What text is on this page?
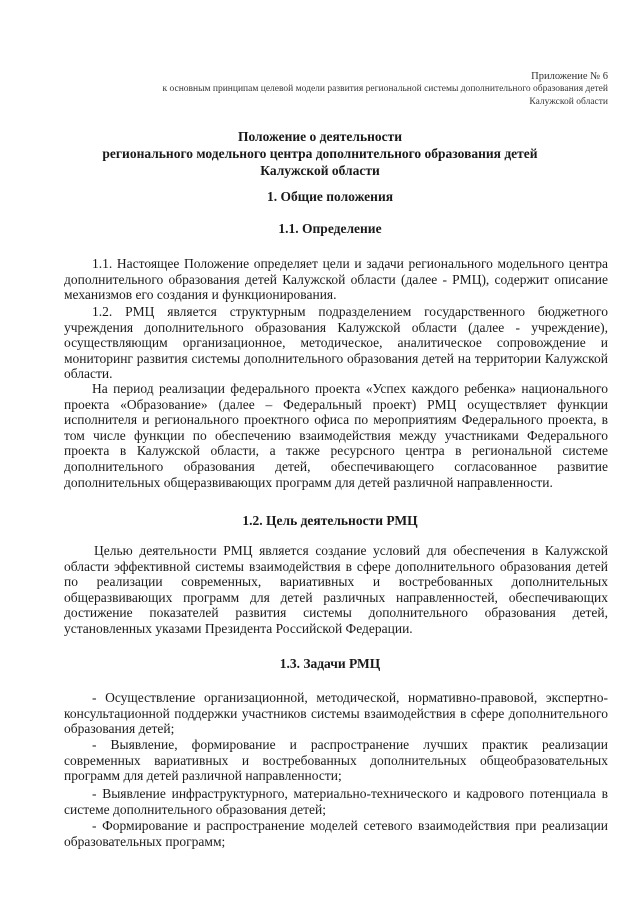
Приложение № 6
к основным принципам целевой модели развития региональной системы дополнительного образования детей
Калужской области
Положение о деятельности
регионального модельного центра дополнительного образования детей
Калужской области
1. Общие положения
1.1. Определение
1.1. Настоящее Положение определяет цели и задачи регионального модельного центра дополнительного образования детей Калужской области (далее - РМЦ), содержит описание механизмов его создания и функционирования.
1.2. РМЦ является структурным подразделением государственного бюджетного учреждения дополнительного образования Калужской области (далее - учреждение), осуществляющим организационное, методическое, аналитическое сопровождение и мониторинг развития системы дополнительного образования детей на территории Калужской области.
На период реализации федерального проекта «Успех каждого ребенка» национального проекта «Образование» (далее – Федеральный проект) РМЦ осуществляет функции исполнителя и регионального проектного офиса по мероприятиям Федерального проекта, в том числе функции по обеспечению взаимодействия между участниками Федерального проекта в Калужской области, а также ресурсного центра в региональной системе дополнительного образования детей, обеспечивающего согласованное развитие дополнительных общеразвивающих программ для детей различной направленности.
1.2. Цель деятельности РМЦ
Целью деятельности РМЦ является создание условий для обеспечения в Калужской области эффективной системы взаимодействия в сфере дополнительного образования детей по реализации современных, вариативных и востребованных дополнительных общеразвивающих программ для детей различных направленностей, обеспечивающих достижение показателей развития системы дополнительного образования детей, установленных указами Президента Российской Федерации.
1.3. Задачи РМЦ
- Осуществление организационной, методической, нормативно-правовой, экспертно-консультационной поддержки участников системы взаимодействия в сфере дополнительного образования детей;
- Выявление, формирование и распространение лучших практик реализации современных вариативных и востребованных дополнительных общеобразовательных программ для детей различной направленности;
- Выявление инфраструктурного, материально-технического и кадрового потенциала в системе дополнительного образования детей;
- Формирование и распространение моделей сетевого взаимодействия при реализации образовательных программ;
